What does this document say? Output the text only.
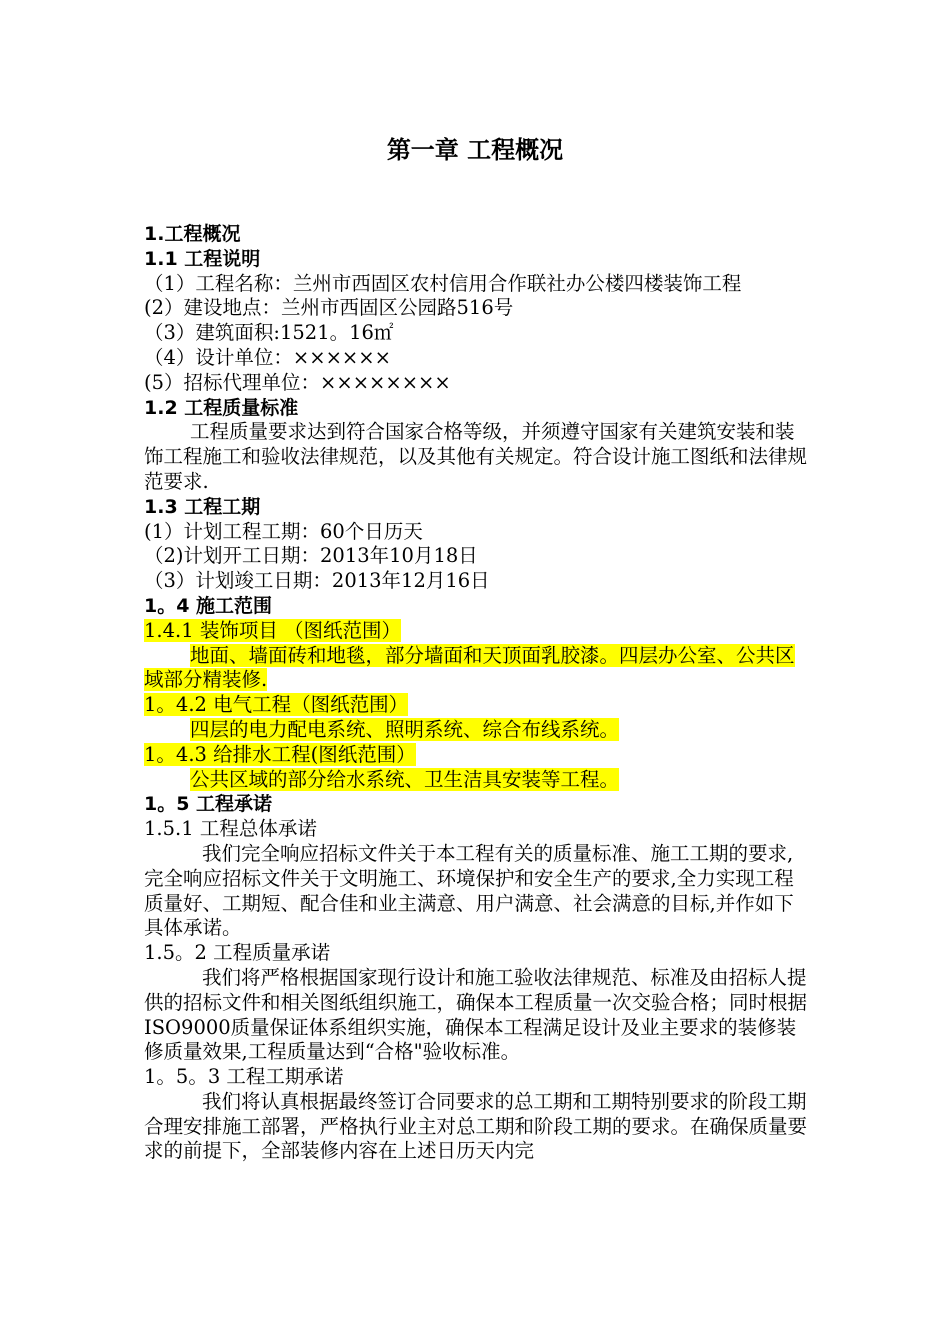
第一章 工程概况

1.工程概况

1.1 工程说明

（1）工程名称：兰州市西固区农村信用合作联社办公楼四楼装饰工程

(2）建设地点：兰州市西固区公园路516号

（3）建筑面积:1521。16㎡

（4）设计单位：××××××

(5）招标代理单位：××××××××

1.2 工程质量标准

工程质量要求达到符合国家合格等级，并须遵守国家有关建筑安装和装饰工程施工和验收法律规范，以及其他有关规定。符合设计施工图纸和法律规范要求.

1.3 工程工期

(1）计划工程工期：60个日历天

（2)计划开工日期：2013年10月18日

（3）计划竣工日期：2013年12月16日

1。4 施工范围

1.4.1 装饰项目 （图纸范围）

地面、墙面砖和地毯，部分墙面和天顶面乳胶漆。四层办公室、公共区域部分精装修.

1。4.2 电气工程（图纸范围）

四层的电力配电系统、照明系统、综合布线系统。

1。4.3 给排水工程(图纸范围）

公共区域的部分给水系统、卫生洁具安装等工程。

1。5 工程承诺

1.5.1 工程总体承诺

我们完全响应招标文件关于本工程有关的质量标准、施工工期的要求,完全响应招标文件关于文明施工、环境保护和安全生产的要求,全力实现工程质量好、工期短、配合佳和业主满意、用户满意、社会满意的目标,并作如下具体承诺。

1.5。2 工程质量承诺

我们将严格根据国家现行设计和施工验收法律规范、标准及由招标人提供的招标文件和相关图纸组织施工，确保本工程质量一次交验合格；同时根据ISO9000质量保证体系组织实施，确保本工程满足设计及业主要求的装修装修质量效果,工程质量达到“合格"验收标准。

1。5。3 工程工期承诺

我们将认真根据最终签订合同要求的总工期和工期特别要求的阶段工期合理安排施工部署，严格执行业主对总工期和阶段工期的要求。在确保质量要求的前提下，全部装修内容在上述日历天内完
